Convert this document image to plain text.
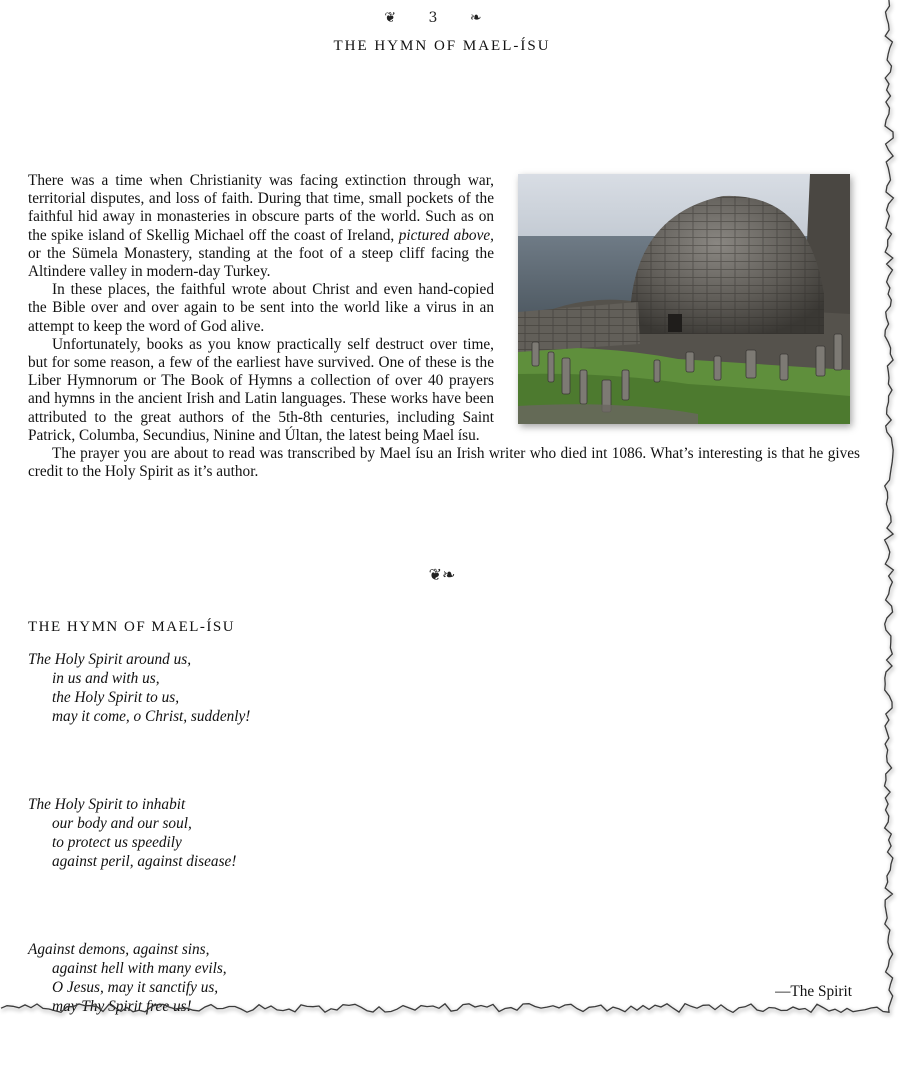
❦ 3 ❧
THE HYMN OF MAEL-ÍSU

There was a time when Christianity was facing extinction through war, territorial disputes, and loss of faith. During that time, small pockets of the faithful hid away in monasteries in obscure parts of the world. Such as on the spike island of Skellig Michael off the coast of Ireland, pictured above, or the Sümela Monastery, standing at the foot of a steep cliff facing the Altindere valley in modern-day Turkey.

In these places, the faithful wrote about Christ and even hand-copied the Bible over and over again to be sent into the world like a virus in an attempt to keep the word of God alive.

Unfortunately, books as you know practically self destruct over time, but for some reason, a few of the earliest have survived. One of these is the Liber Hymnorum or The Book of Hymns a collection of over 40 prayers and hymns in the ancient Irish and Latin languages. These works have been attributed to the great authors of the 5th-8th centuries, including Saint Patrick, Columba, Secundius, Ninine and Últan, the latest being Mael ísu.

The prayer you are about to read was transcribed by Mael ísu an Irish writer who died int 1086. What’s interesting is that he gives credit to the Holy Spirit as it’s author.

❦❧
THE HYMN OF MAEL-ÍSU
The Holy Spirit around us,
in us and with us,
the Holy Spirit to us,
may it come, o Christ, suddenly!
The Holy Spirit to inhabit
our body and our soul,
to protect us speedily
against peril, against disease!
Against demons, against sins,
against hell with many evils,
O Jesus, may it sanctify us,
may Thy Spirit free us!
—The Spirit
